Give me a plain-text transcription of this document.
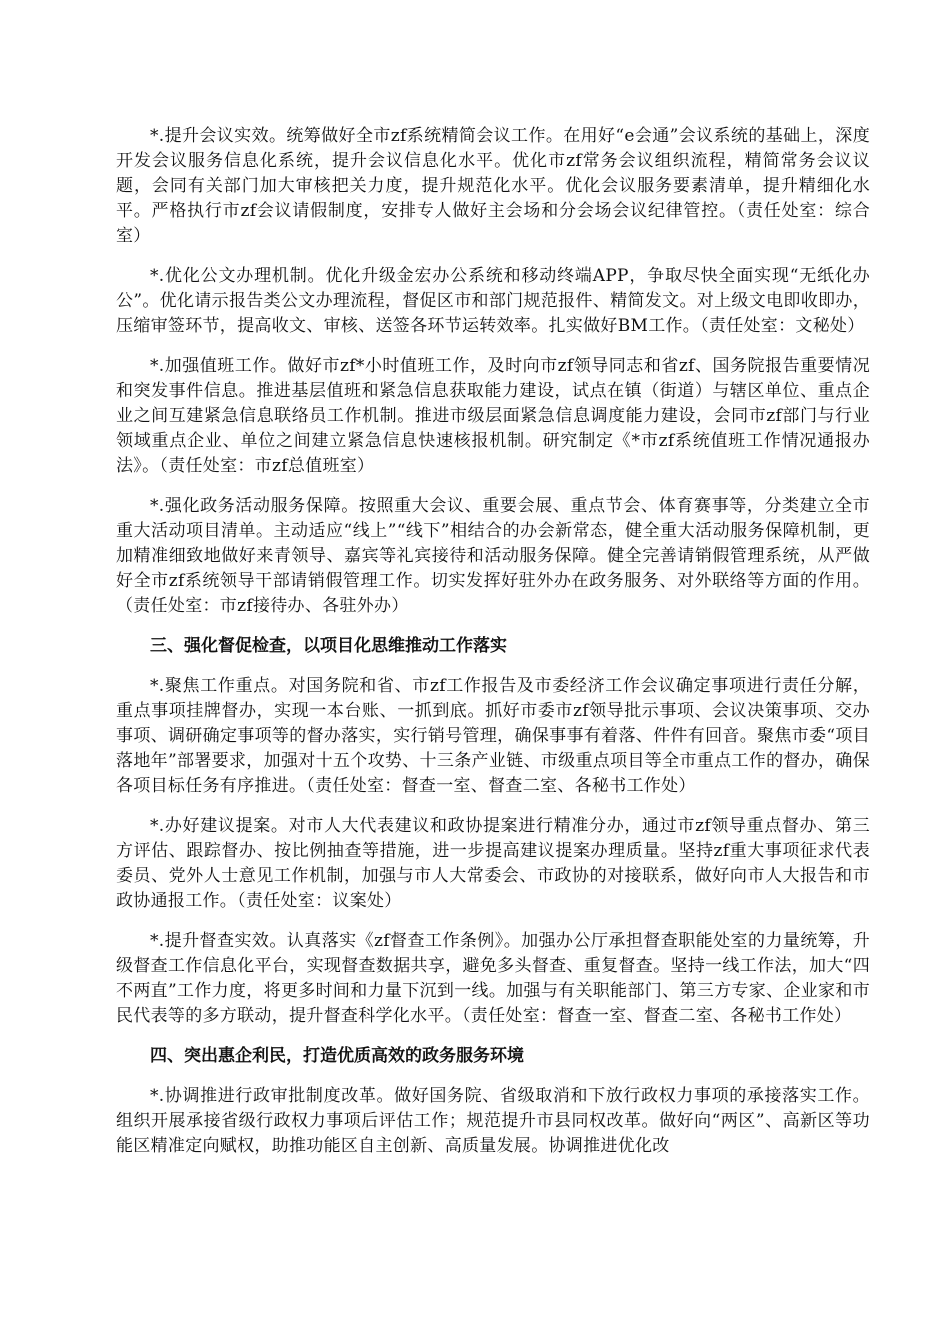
*.提升会议实效。统筹做好全市zf系统精简会议工作。在用好“e会通”会议系统的基础上，深度开发会议服务信息化系统，提升会议信息化水平。优化市zf常务会议组织流程，精简常务会议议题，会同有关部门加大审核把关力度，提升规范化水平。优化会议服务要素清单，提升精细化水平。严格执行市zf会议请假制度，安排专人做好主会场和分会场会议纪律管控。（责任处室：综合室）

*.优化公文办理机制。优化升级金宏办公系统和移动终端APP，争取尽快全面实现“无纸化办公”。优化请示报告类公文办理流程，督促区市和部门规范报件、精简发文。对上级文电即收即办，压缩审签环节，提高收文、审核、送签各环节运转效率。扎实做好BM工作。（责任处室：文秘处）

*.加强值班工作。做好市zf*小时值班工作，及时向市zf领导同志和省zf、国务院报告重要情况和突发事件信息。推进基层值班和紧急信息获取能力建设，试点在镇（街道）与辖区单位、重点企业之间互建紧急信息联络员工作机制。推进市级层面紧急信息调度能力建设，会同市zf部门与行业领域重点企业、单位之间建立紧急信息快速核报机制。研究制定《*市zf系统值班工作情况通报办法》。（责任处室：市zf总值班室）

*.强化政务活动服务保障。按照重大会议、重要会展、重点节会、体育赛事等，分类建立全市重大活动项目清单。主动适应“线上”“线下”相结合的办会新常态，健全重大活动服务保障机制，更加精准细致地做好来青领导、嘉宾等礼宾接待和活动服务保障。健全完善请销假管理系统，从严做好全市zf系统领导干部请销假管理工作。切实发挥好驻外办在政务服务、对外联络等方面的作用。（责任处室：市zf接待办、各驻外办）

三、强化督促检查，以项目化思维推动工作落实

*.聚焦工作重点。对国务院和省、市zf工作报告及市委经济工作会议确定事项进行责任分解，重点事项挂牌督办，实现一本台账、一抓到底。抓好市委市zf领导批示事项、会议决策事项、交办事项、调研确定事项等的督办落实，实行销号管理，确保事事有着落、件件有回音。聚焦市委“项目落地年”部署要求，加强对十五个攻势、十三条产业链、市级重点项目等全市重点工作的督办，确保各项目标任务有序推进。（责任处室：督查一室、督查二室、各秘书工作处）

*.办好建议提案。对市人大代表建议和政协提案进行精准分办，通过市zf领导重点督办、第三方评估、跟踪督办、按比例抽查等措施，进一步提高建议提案办理质量。坚持zf重大事项征求代表委员、党外人士意见工作机制，加强与市人大常委会、市政协的对接联系，做好向市人大报告和市政协通报工作。（责任处室：议案处）

*.提升督查实效。认真落实《zf督查工作条例》。加强办公厅承担督查职能处室的力量统筹，升级督查工作信息化平台，实现督查数据共享，避免多头督查、重复督查。坚持一线工作法，加大“四不两直”工作力度，将更多时间和力量下沉到一线。加强与有关职能部门、第三方专家、企业家和市民代表等的多方联动，提升督查科学化水平。（责任处室：督查一室、督查二室、各秘书工作处）

四、突出惠企利民，打造优质高效的政务服务环境

*.协调推进行政审批制度改革。做好国务院、省级取消和下放行政权力事项的承接落实工作。组织开展承接省级行政权力事项后评估工作；规范提升市县同权改革。做好向“两区”、高新区等功能区精准定向赋权，助推功能区自主创新、高质量发展。协调推进优化改
